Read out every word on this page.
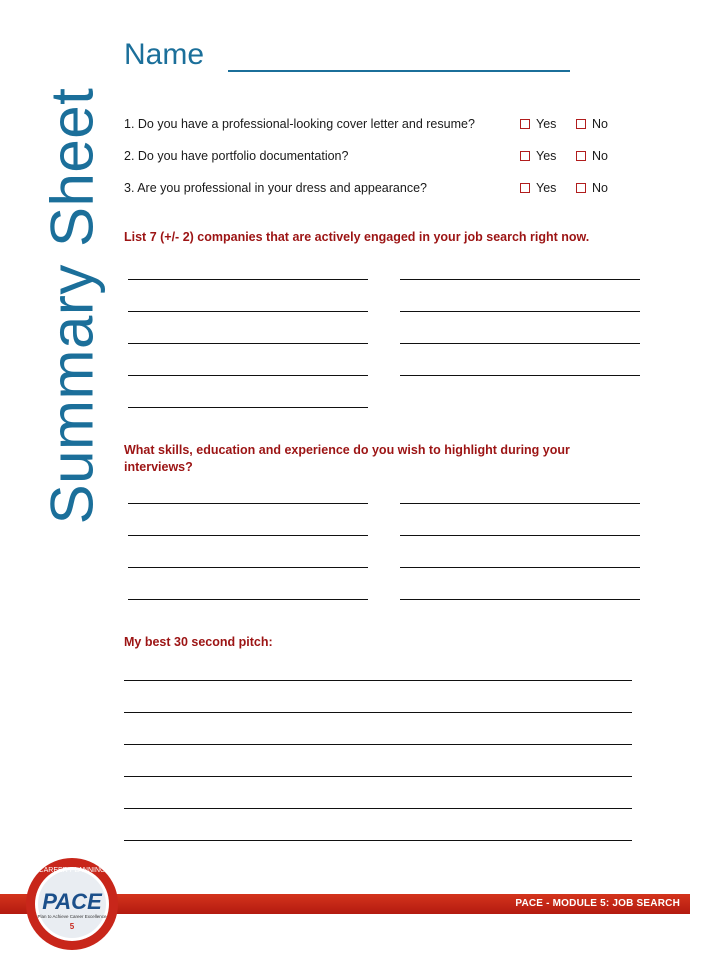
Summary Sheet
Name
1. Do you have a professional-looking cover letter and resume?	Yes	No
2. Do you have portfolio documentation?	Yes	No
3. Are you professional in your dress and appearance?	Yes	No
List 7 (+/- 2) companies that are actively engaged in your job search right now.
What skills, education and experience do you wish to highlight during your interviews?
My best 30 second pitch:
PACE - MODULE 5: JOB SEARCH
PACE
CAREER PLANNING
Plan to Achieve Career Excellence
5
